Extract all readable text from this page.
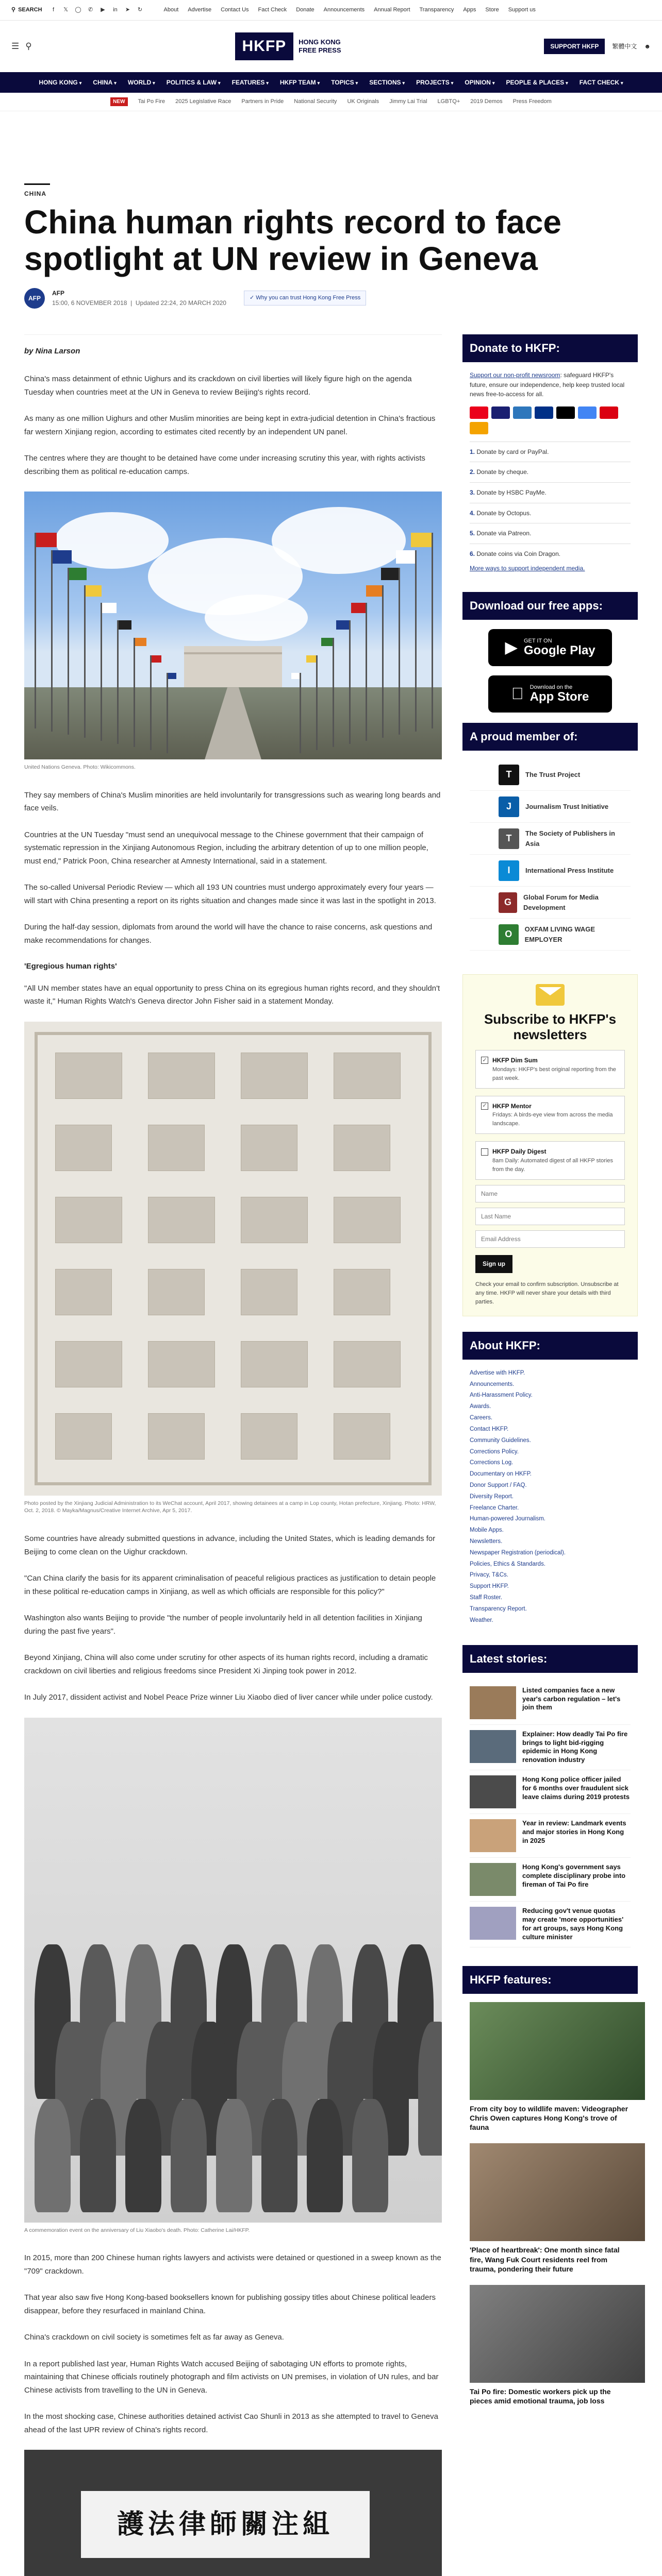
⚲ SEARCH	f	𝕏	◯	✆	▶	in	➤	↻	About Advertise Contact Us Fact Check Donate Announcements Annual Report Transparency Apps Store Support us
☰ ⚲	HKFP	HONG KONG
FREE PRESS
SUPPORT HKFP	繁體中文 ☻
HONG KONG ▾ CHINA ▾ WORLD ▾ POLITICS & LAW ▾ FEATURES ▾ HKFP TEAM ▾ TOPICS ▾ SECTIONS ▾ PROJECTS ▾ OPINION ▾ PEOPLE & PLACES ▾ FACT CHECK ▾
NEW	Tai Po Fire 2025 Legislative Race Partners in Pride National Security UK Originals Jimmy Lai Trial LGBTQ+ 2019 Demos Press Freedom
CHINA
China human rights record to face spotlight at UN review in Geneva
AFP
AFP
15:00, 6 NOVEMBER 2018  |  Updated 22:24, 20 MARCH 2020
✓ Why you can trust Hong Kong Free Press
by Nina Larson

China's mass detainment of ethnic Uighurs and its crackdown on civil liberties will likely figure high on the agenda Tuesday when countries meet at the UN in Geneva to review Beijing's rights record.

As many as one million Uighurs and other Muslim minorities are being kept in extra-judicial detention in China's fractious far western Xinjiang region, according to estimates cited recently by an independent UN panel.

The centres where they are thought to be detained have come under increasing scrutiny this year, with rights activists describing them as political re-education camps.

United Nations Geneva. Photo: Wikicommons.

They say members of China's Muslim minorities are held involuntarily for transgressions such as wearing long beards and face veils.

Countries at the UN Tuesday "must send an unequivocal message to the Chinese government that their campaign of systematic repression in the Xinjiang Autonomous Region, including the arbitrary detention of up to one million people, must end," Patrick Poon, China researcher at Amnesty International, said in a statement.

The so-called Universal Periodic Review — which all 193 UN countries must undergo approximately every four years — will start with China presenting a report on its rights situation and changes made since it was last in the spotlight in 2013.

During the half-day session, diplomats from around the world will have the chance to raise concerns, ask questions and make recommendations for changes.

'Egregious human rights'

"All UN member states have an equal opportunity to press China on its egregious human rights record, and they shouldn't waste it," Human Rights Watch's Geneva director John Fisher said in a statement Monday.

Photo posted by the Xinjiang Judicial Administration to its WeChat account, April 2017, showing detainees at a camp in Lop county, Hotan prefecture, Xinjiang. Photo: HRW, Oct. 2, 2018. © Mayka/Magnus/Creative Internet Archive, Apr 5, 2017.

Some countries have already submitted questions in advance, including the United States, which is leading demands for Beijing to come clean on the Uighur crackdown.

"Can China clarify the basis for its apparent criminalisation of peaceful religious practices as justification to detain people in these political re-education camps in Xinjiang, as well as which officials are responsible for this policy?"

Washington also wants Beijing to provide "the number of people involuntarily held in all detention facilities in Xinjiang during the past five years".

Beyond Xinjiang, China will also come under scrutiny for other aspects of its human rights record, including a dramatic crackdown on civil liberties and religious freedoms since President Xi Jinping took power in 2012.

In July 2017, dissident activist and Nobel Peace Prize winner Liu Xiaobo died of liver cancer while under police custody.

A commemoration event on the anniversary of Liu Xiaobo's death. Photo: Catherine Lai/HKFP.

In 2015, more than 200 Chinese human rights lawyers and activists were detained or questioned in a sweep known as the "709" crackdown.

That year also saw five Hong Kong-based booksellers known for publishing gossipy titles about Chinese political leaders disappear, before they resurfaced in mainland China.

China's crackdown on civil society is sometimes felt as far away as Geneva.

In a report published last year, Human Rights Watch accused Beijing of sabotaging UN efforts to promote rights, maintaining that Chinese officials routinely photograph and film activists on UN premises, in violation of UN rules, and bar Chinese activists from travelling to the UN in Geneva.

In the most shocking case, Chinese authorities detained activist Cao Shunli in 2013 as she attempted to travel to Geneva ahead of the last UPR review of China's rights record.

護法律師關注組

Donate to HKFP:

Support our non-profit newsroom: safeguard HKFP's future, ensure our independence, help keep trusted local news free-to-access for all.

1. Donate by card or PayPal.
2. Donate by cheque.
3. Donate by HSBC PayMe.
4. Donate by Octopus.
5. Donate via Patreon.
6. Donate coins via Coin Dragon.
More ways to support independent media.
Download our free apps:
▶ GET IT ON
Google Play
Download on the
App Store
A proud member of:
T	The Trust Project
J	Journalism Trust Initiative
T	The Society of Publishers in Asia
I	International Press Institute
G	Global Forum for Media Development
O	OXFAM LIVING WAGE EMPLOYER
Subscribe to HKFP's newsletters
✓ HKFP Dim Sum
Mondays: HKFP's best original reporting from the past week.
✓ HKFP Mentor
Fridays: A birds-eye view from across the media landscape.
HKFP Daily Digest
8am Daily: Automated digest of all HKFP stories from the day.
Name Last Name Email Address Sign up
Check your email to confirm subscription. Unsubscribe at any time. HKFP will never share your details with third parties.
About HKFP:
Advertise with HKFP.
Announcements.
Anti-Harassment Policy.
Awards.
Careers.
Contact HKFP.
Community Guidelines.
Corrections Policy.
Corrections Log.
Documentary on HKFP.
Donor Support / FAQ.
Diversity Report.
Freelance Charter.
Human-powered Journalism.
Mobile Apps.
Newsletters.
Newspaper Registration (periodical).
Policies, Ethics & Standards.
Privacy, T&Cs.
Support HKFP.
Staff Roster.
Transparency Report.
Weather.
Latest stories:
Listed companies face a new year's carbon regulation – let's join them
Explainer: How deadly Tai Po fire brings to light bid-rigging epidemic in Hong Kong renovation industry
Hong Kong police officer jailed for 6 months over fraudulent sick leave claims during 2019 protests
Year in review: Landmark events and major stories in Hong Kong in 2025
Hong Kong's government says complete disciplinary probe into fireman of Tai Po fire
Reducing gov't venue quotas may create 'more opportunities' for art groups, says Hong Kong culture minister
HKFP features:
From city boy to wildlife maven: Videographer Chris Owen captures Hong Kong's trove of fauna
'Place of heartbreak': One month since fatal fire, Wang Fuk Court residents reel from trauma, pondering their future
Tai Po fire: Domestic workers pick up the pieces amid emotional trauma, job loss
